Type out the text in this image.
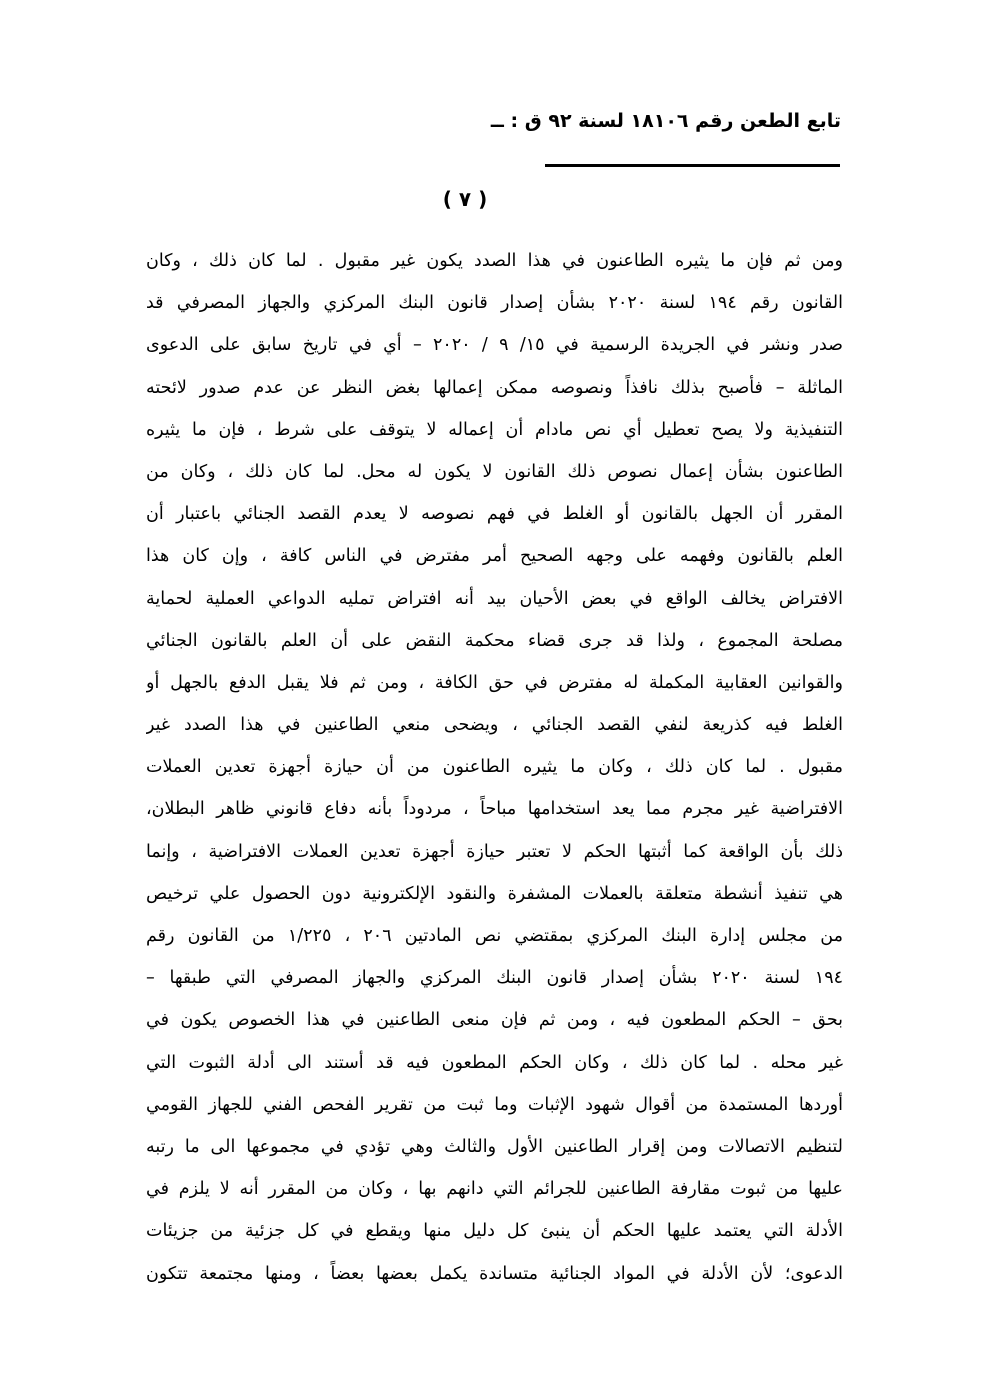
تابع الطعن رقم ١٨١٠٦ لسنة ٩٢ ق : ــ
( ٧ )
ومن ثم فإن ما يثيره الطاعنون في هذا الصدد يكون غير مقبول . لما كان ذلك ، وكان
القانون رقم ١٩٤ لسنة ٢٠٢٠ بشأن إصدار قانون البنك المركزي والجهاز المصرفي قد
صدر ونشر في الجريدة الرسمية في ١٥/ ٩ / ٢٠٢٠ – أي في تاريخ سابق على الدعوى
الماثلة – فأصبح بذلك نافذاً ونصوصه ممكن إعمالها بغض النظر عن عدم صدور لائحته
التنفيذية ولا يصح تعطيل أي نص مادام أن إعماله لا يتوقف على شرط ، فإن ما يثيره
الطاعنون بشأن إعمال نصوص ذلك القانون لا يكون له محل. لما كان ذلك ، وكان من
المقرر أن الجهل بالقانون أو الغلط في فهم نصوصه لا يعدم القصد الجنائي باعتبار أن
العلم بالقانون وفهمه على وجهه الصحيح أمر مفترض في الناس كافة ، وإن كان هذا
الافتراض يخالف الواقع في بعض الأحيان بيد أنه افتراض تمليه الدواعي العملية لحماية
مصلحة المجموع ، ولذا قد جرى قضاء محكمة النقض على أن العلم بالقانون الجنائي
والقوانين العقابية المكملة له مفترض في حق الكافة ، ومن ثم فلا يقبل الدفع بالجهل أو
الغلط فيه كذريعة لنفي القصد الجنائي ، ويضحى منعي الطاعنين في هذا الصدد غير
مقبول . لما كان ذلك ، وكان ما يثيره الطاعنون من أن حيازة أجهزة تعدين العملات
الافتراضية غير مجرم مما يعد استخدامها مباحاً ، مردوداً بأنه دفاع قانوني ظاهر البطلان،
ذلك بأن الواقعة كما أثبتها الحكم لا تعتبر حيازة أجهزة تعدين العملات الافتراضية ، وإنما
هي تنفيذ أنشطة متعلقة بالعملات المشفرة والنقود الإلكترونية دون الحصول علي ترخيص
من مجلس إدارة البنك المركزي بمقتضي نص المادتين ٢٠٦ ، ١/٢٢٥ من القانون رقم
١٩٤ لسنة ٢٠٢٠ بشأن إصدار قانون البنك المركزي والجهاز المصرفي التي طبقها –
بحق – الحكم المطعون فيه ، ومن ثم فإن منعى الطاعنين في هذا الخصوص يكون في
غير محله . لما كان ذلك ، وكان الحكم المطعون فيه قد أستند الى أدلة الثبوت التي
أوردها المستمدة من أقوال شهود الإثبات وما ثبت من تقرير الفحص الفني للجهاز القومي
لتنظيم الاتصالات ومن إقرار الطاعنين الأول والثالث وهي تؤدي في مجموعها الى ما رتبه
عليها من ثبوت مقارفة الطاعنين للجرائم التي دانهم بها ، وكان من المقرر أنه لا يلزم في
الأدلة التي يعتمد عليها الحكم أن ينبئ كل دليل منها ويقطع في كل جزئية من جزيئات
الدعوى؛ لأن الأدلة في المواد الجنائية متساندة يكمل بعضها بعضاً ، ومنها مجتمعة تتكون
